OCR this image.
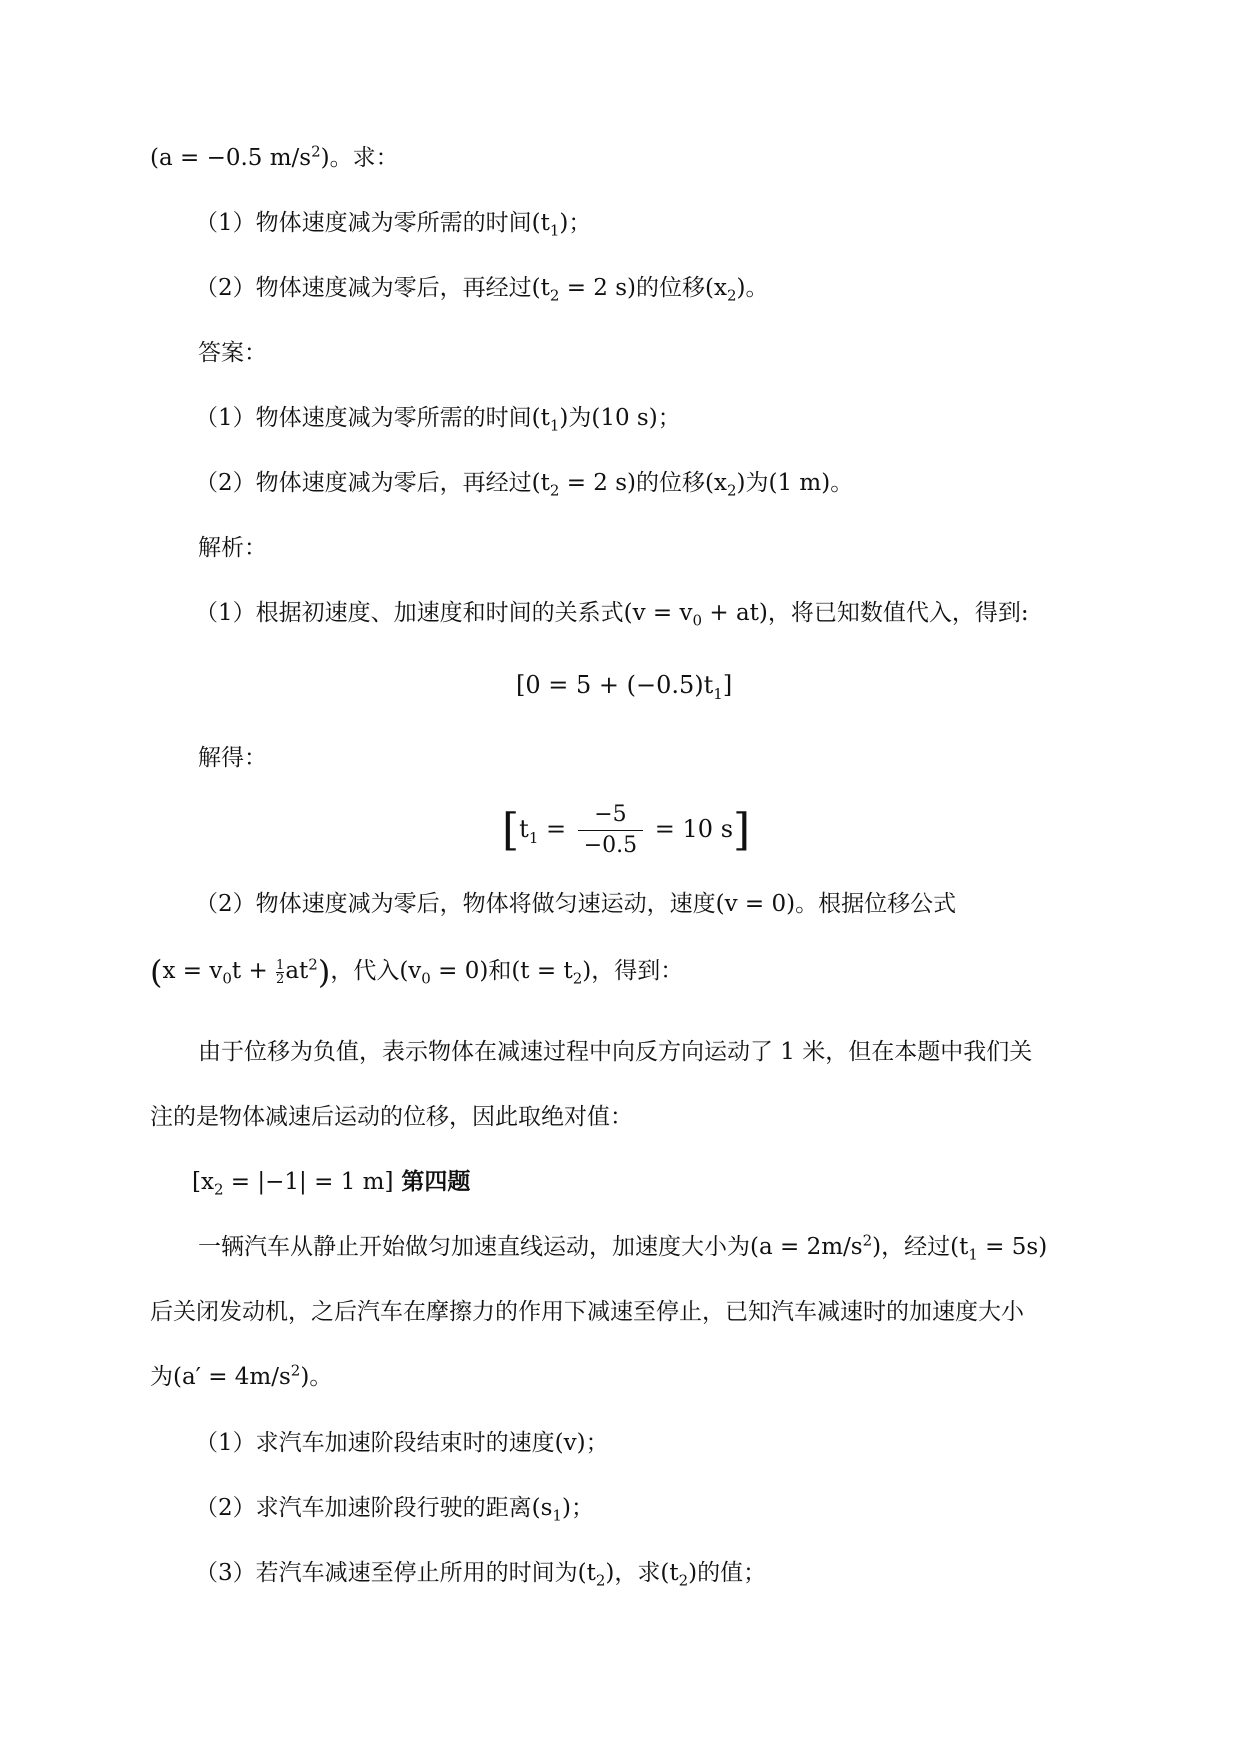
(a = −0.5 $m/s^2$)。求：
（1）物体速度减为零所需的时间$(t_1)$；
（2）物体速度减为零后，再经过($t_2 = 2$ s)的位移$(x_2)$。
答案：
（1）物体速度减为零所需的时间$(t_1)$为(10 s)；
（2）物体速度减为零后，再经过($t_2 = 2$ s)的位移$(x_2)$为(1 m)。
解析：
（1）根据初速度、加速度和时间的关系式$(v = v_0 + at)$，将已知数值代入，得到:
$[0 = 5 + (-0.5)t_1]$
解得：
[$t_1 = \frac{-5}{-0.5} = 10$ s]
（2）物体速度减为零后，物体将做匀速运动，速度(v = 0)。根据位移公式
$(x = v_0t + \frac{1}{2} at^2)$，代入$(v_0 = 0)$和$(t = t_2)$，得到：
由于位移为负值，表示物体在减速过程中向反方向运动了 1 米，但在本题中我们关
注的是物体减速后运动的位移，因此取绝对值：
[$x_2 = |-1| = 1$ m] 第四题
一辆汽车从静止开始做匀加速直线运动，加速度大小为$(a = 2m/s^2)$，经过$(t_1 = 5s)$
后关闭发动机，之后汽车在摩擦力的作用下减速至停止，已知汽车减速时的加速度大小
为$(a' = 4m/s^2)$。
（1）求汽车加速阶段结束时的速度(v)；
（2）求汽车加速阶段行驶的距离$(s_1)$；
（3）若汽车减速至停止所用的时间为$(t_2)$，求$(t_2)$的值；
